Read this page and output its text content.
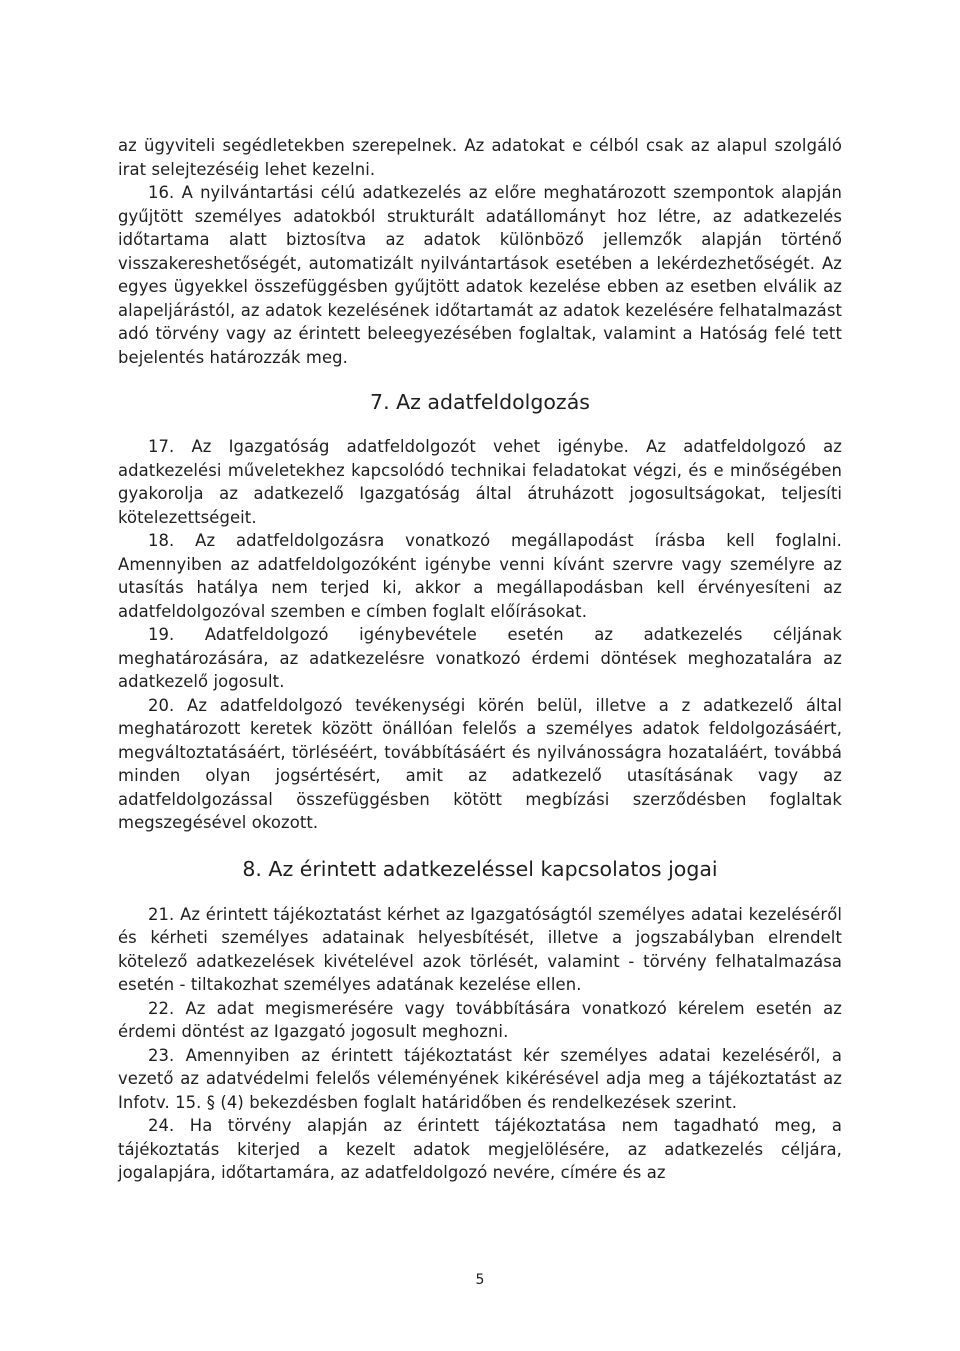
az ügyviteli segédletekben szerepelnek. Az adatokat e célból csak az alapul szolgáló irat selejtezéséig lehet kezelni.

16. A nyilvántartási célú adatkezelés az előre meghatározott szempontok alapján gyűjtött személyes adatokból strukturált adatállományt hoz létre, az adatkezelés időtartama alatt biztosítva az adatok különböző jellemzők alapján történő visszakereshetőségét, automatizált nyilvántartások esetében a lekérdezhetőségét. Az egyes ügyekkel összefüggésben gyűjtött adatok kezelése ebben az esetben elválik az alapeljárástól, az adatok kezelésének időtartamát az adatok kezelésére felhatalmazást adó törvény vagy az érintett beleegyezésében foglaltak, valamint a Hatóság felé tett bejelentés határozzák meg.

7. Az adatfeldolgozás

17. Az Igazgatóság adatfeldolgozót vehet igénybe. Az adatfeldolgozó az adatkezelési műveletekhez kapcsolódó technikai feladatokat végzi, és e minőségében gyakorolja az adatkezelő Igazgatóság által átruházott jogosultságokat, teljesíti kötelezettségeit.

18. Az adatfeldolgozásra vonatkozó megállapodást írásba kell foglalni. Amennyiben az adatfeldolgozóként igénybe venni kívánt szervre vagy személyre az utasítás hatálya nem terjed ki, akkor a megállapodásban kell érvényesíteni az adatfeldolgozóval szemben e címben foglalt előírásokat.

19. Adatfeldolgozó igénybevétele esetén az adatkezelés céljának meghatározására, az adatkezelésre vonatkozó érdemi döntések meghozatalára az adatkezelő jogosult.

20. Az adatfeldolgozó tevékenységi körén belül, illetve a z adatkezelő által meghatározott keretek között önállóan felelős a személyes adatok feldolgozásáért, megváltoztatásáért, törléséért, továbbításáért és nyilvánosságra hozataláért, továbbá minden olyan jogsértésért, amit az adatkezelő utasításának vagy az adatfeldolgozással összefüggésben kötött megbízási szerződésben foglaltak megszegésével okozott.

8. Az érintett adatkezeléssel kapcsolatos jogai

21. Az érintett tájékoztatást kérhet az Igazgatóságtól személyes adatai kezeléséről és kérheti személyes adatainak helyesbítését, illetve a jogszabályban elrendelt kötelező adatkezelések kivételével azok törlését, valamint - törvény felhatalmazása esetén - tiltakozhat személyes adatának kezelése ellen.

22. Az adat megismerésére vagy továbbítására vonatkozó kérelem esetén az érdemi döntést az Igazgató jogosult meghozni.

23. Amennyiben az érintett tájékoztatást kér személyes adatai kezeléséről, a vezető az adatvédelmi felelős véleményének kikérésével adja meg a tájékoztatást az Infotv. 15. § (4) bekezdésben foglalt határidőben és rendelkezések szerint.

24. Ha törvény alapján az érintett tájékoztatása nem tagadható meg, a tájékoztatás kiterjed a kezelt adatok megjelölésére, az adatkezelés céljára, jogalapjára, időtartamára, az adatfeldolgozó nevére, címére és az

5
